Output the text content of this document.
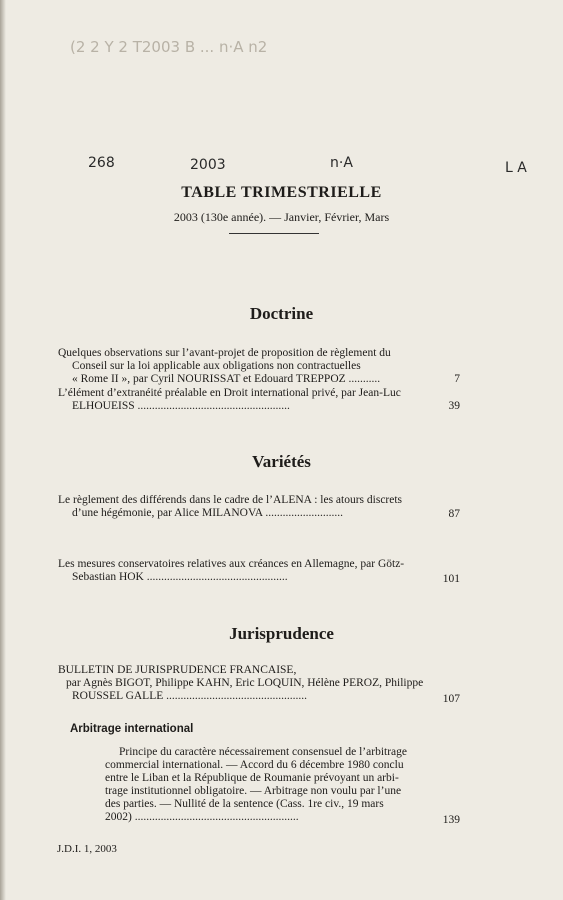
(2 2 Y 2 T2003 B ... n·A n2
268	2003	n·A	L A
TABLE TRIMESTRIELLE
2003 (130e année). — Janvier, Février, Mars
Doctrine
Quelques observations sur l’avant-projet de proposition de règlement du
Conseil sur la loi applicable aux obligations non contractuelles
« Rome II », par Cyril NOURISSAT et Edouard TREPPOZ ...........	7
L’élément d’extranéité préalable en Droit international privé, par Jean-Luc
ELHOUEISS .....................................................	39
Variétés
Le règlement des différends dans le cadre de l’ALENA : les atours discrets
d’une hégémonie, par Alice MILANOVA ...........................	87
Les mesures conservatoires relatives aux créances en Allemagne, par Götz-
Sebastian HOK .................................................	101
Jurisprudence
BULLETIN DE JURISPRUDENCE FRANCAISE,
par Agnès BIGOT, Philippe KAHN, Eric LOQUIN, Hélène PEROZ, Philippe
ROUSSEL GALLE .................................................	107
Arbitrage international
Principe du caractère nécessairement consensuel de l’arbitrage
commercial international. — Accord du 6 décembre 1980 conclu
entre le Liban et la République de Roumanie prévoyant un arbi-
trage institutionnel obligatoire. — Arbitrage non voulu par l’une
des parties. — Nullité de la sentence (Cass. 1re civ., 19 mars
2002) .........................................................	139
J.D.I. 1, 2003
